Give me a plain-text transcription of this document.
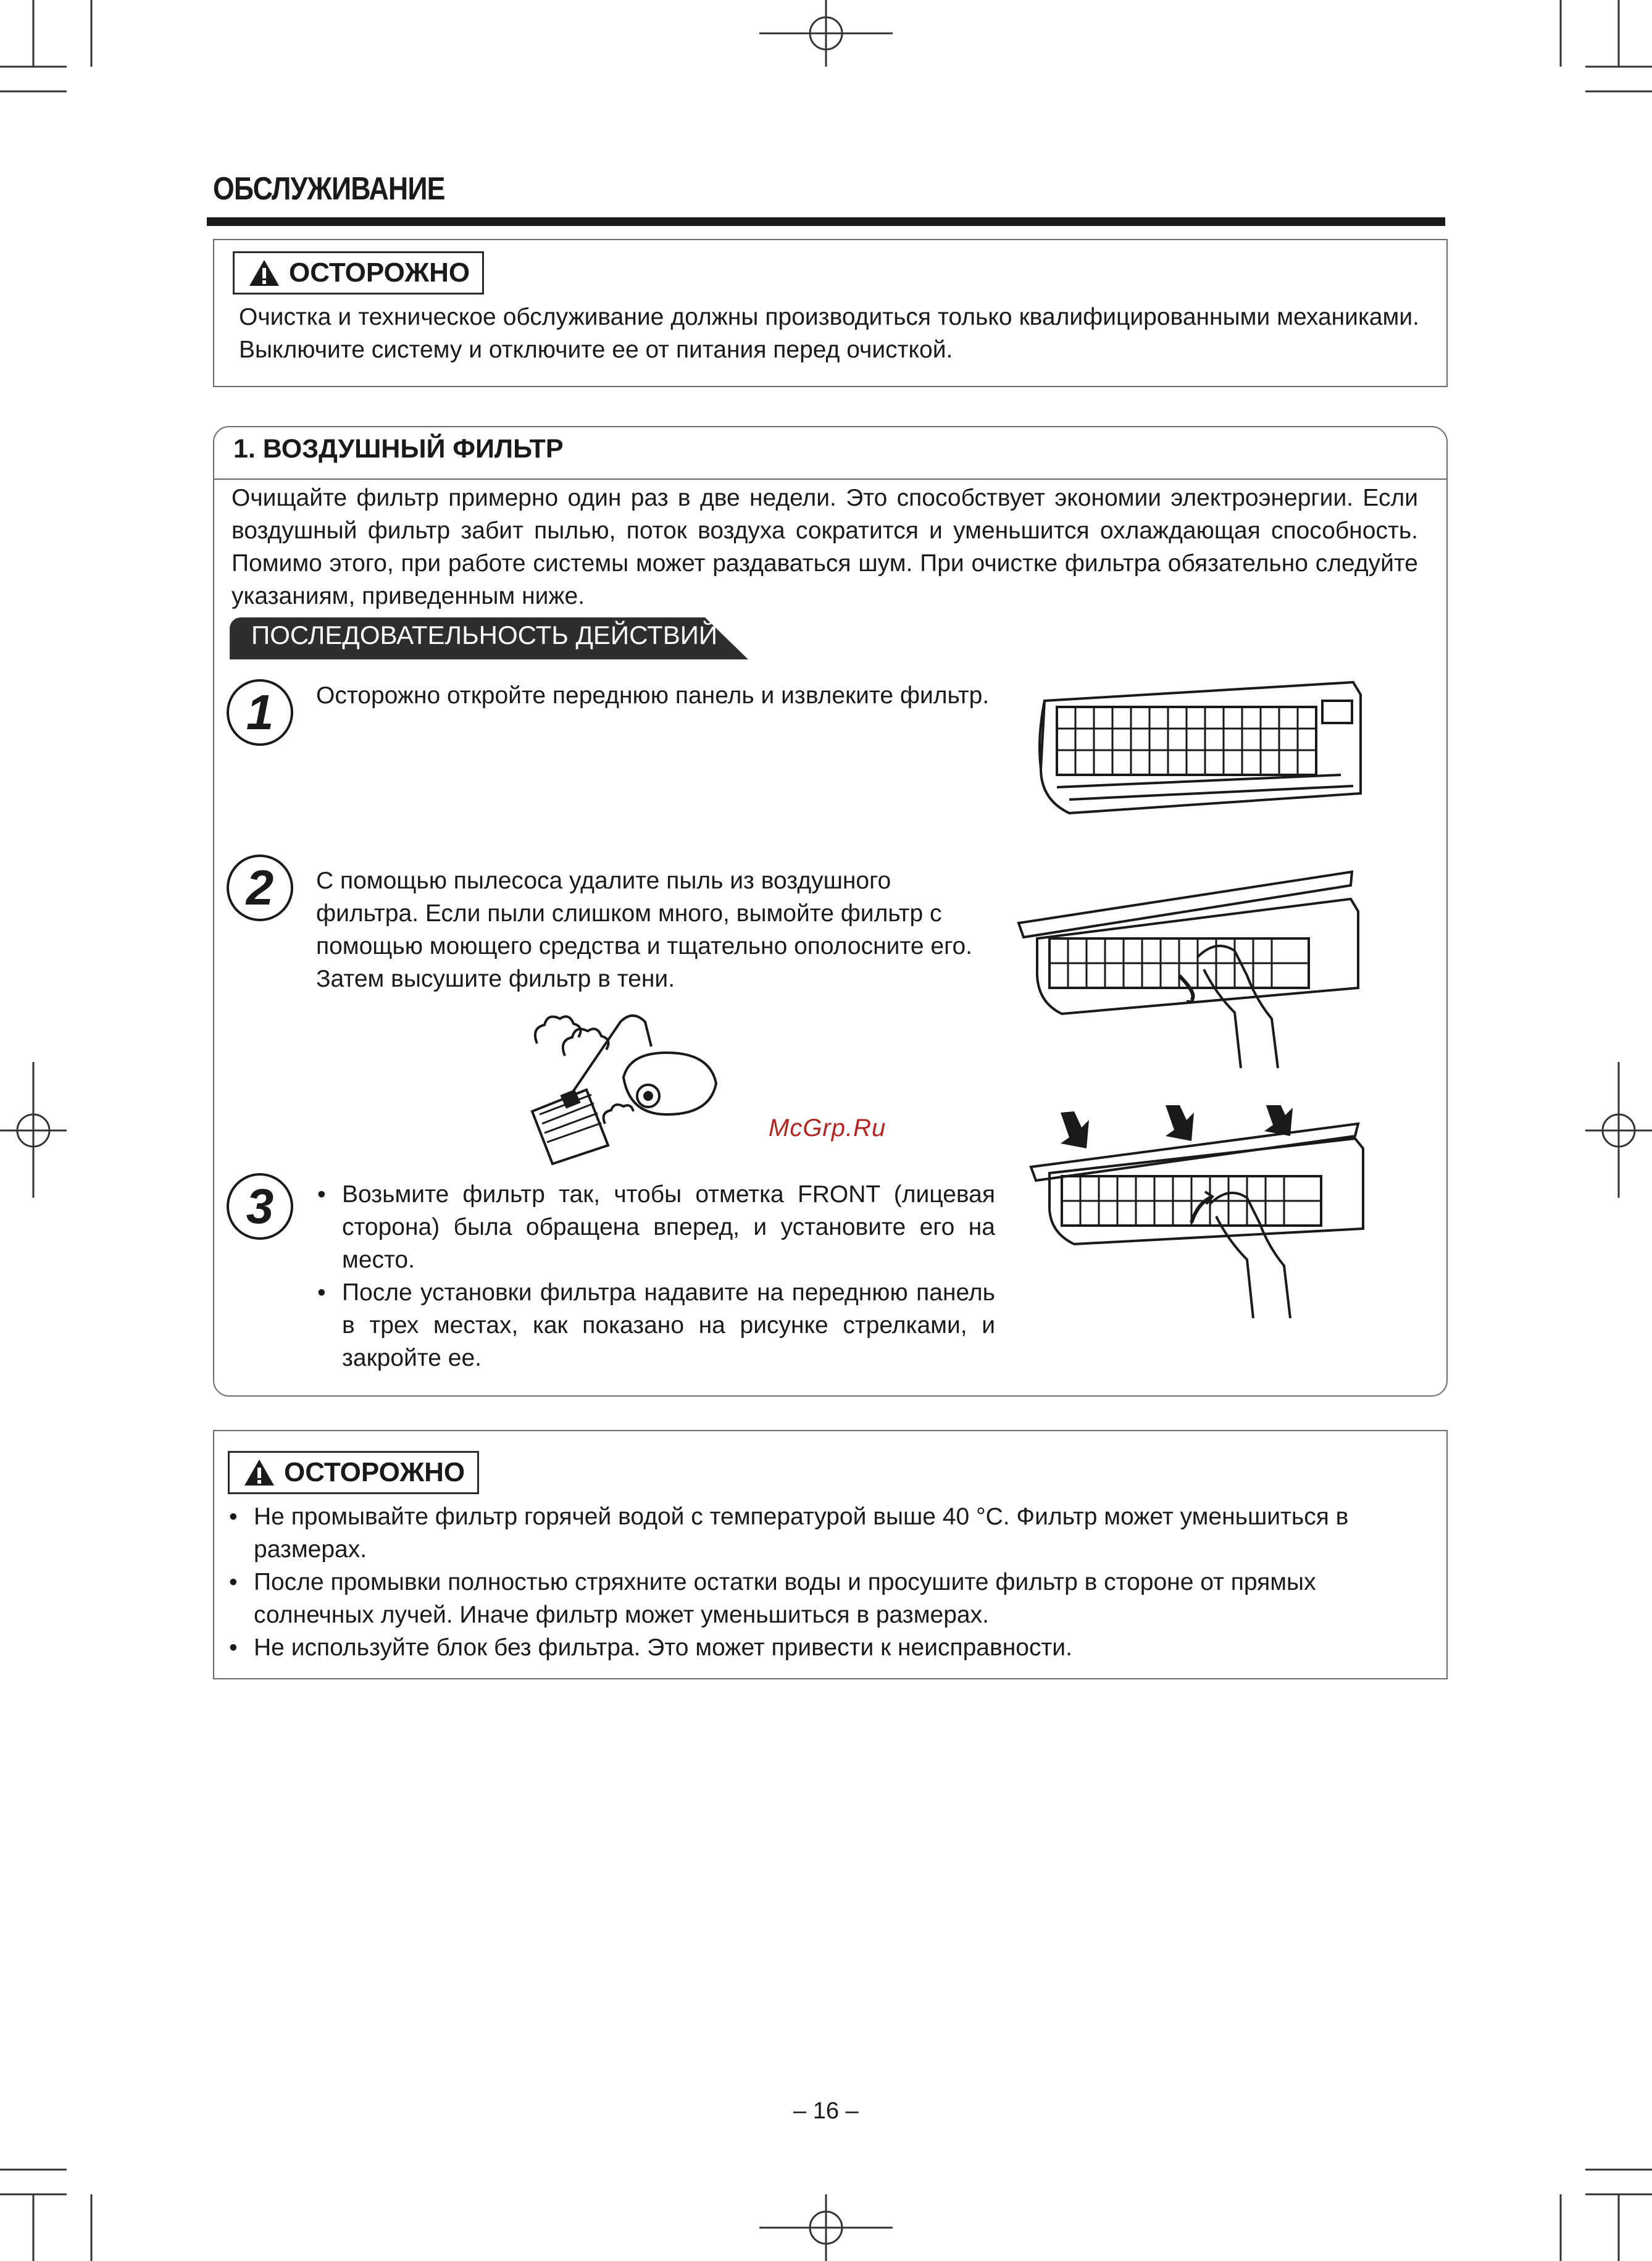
ОБСЛУЖИВАНИЕ
ОСТОРОЖНО
Очистка и техническое обслуживание должны производиться только квалифицированными механиками. Выключите систему и отключите ее от питания перед очисткой.
1. ВОЗДУШНЫЙ ФИЛЬТР
Очищайте фильтр примерно один раз в две недели. Это способствует экономии электроэнергии. Если воздушный фильтр забит пылью, поток воздуха сократится и уменьшится охлаждающая способность. Помимо этого, при работе системы может раздаваться шум. При очистке фильтра обязательно следуйте указаниям, приведенным ниже.
ПОСЛЕДОВАТЕЛЬНОСТЬ ДЕЙСТВИЙ
1	Осторожно откройте переднюю панель и извлеките фильтр.
2	С помощью пылесоса удалите пыль из воздушного фильтра. Если пыли слишком много, вымойте фильтр с помощью моющего средства и тщательно ополосните его. Затем высушите фильтр в тени.
3
•	Возьмите фильтр так, чтобы отметка FRONT (лицевая сторона) была обращена вперед, и установите его на место.
• После установки фильтра надавите на переднюю панель в трех местах, как показано на рисунке стрелками, и закройте ее.
McGrp.Ru
ОСТОРОЖНО
• Не промывайте фильтр горячей водой с температурой выше 40 °C. Фильтр может уменьшиться в размерах.
• После промывки полностью стряхните остатки воды и просушите фильтр в стороне от прямых солнечных лучей. Иначе фильтр может уменьшиться в размерах.
• Не используйте блок без фильтра. Это может привести к неисправности.
– 16 –
